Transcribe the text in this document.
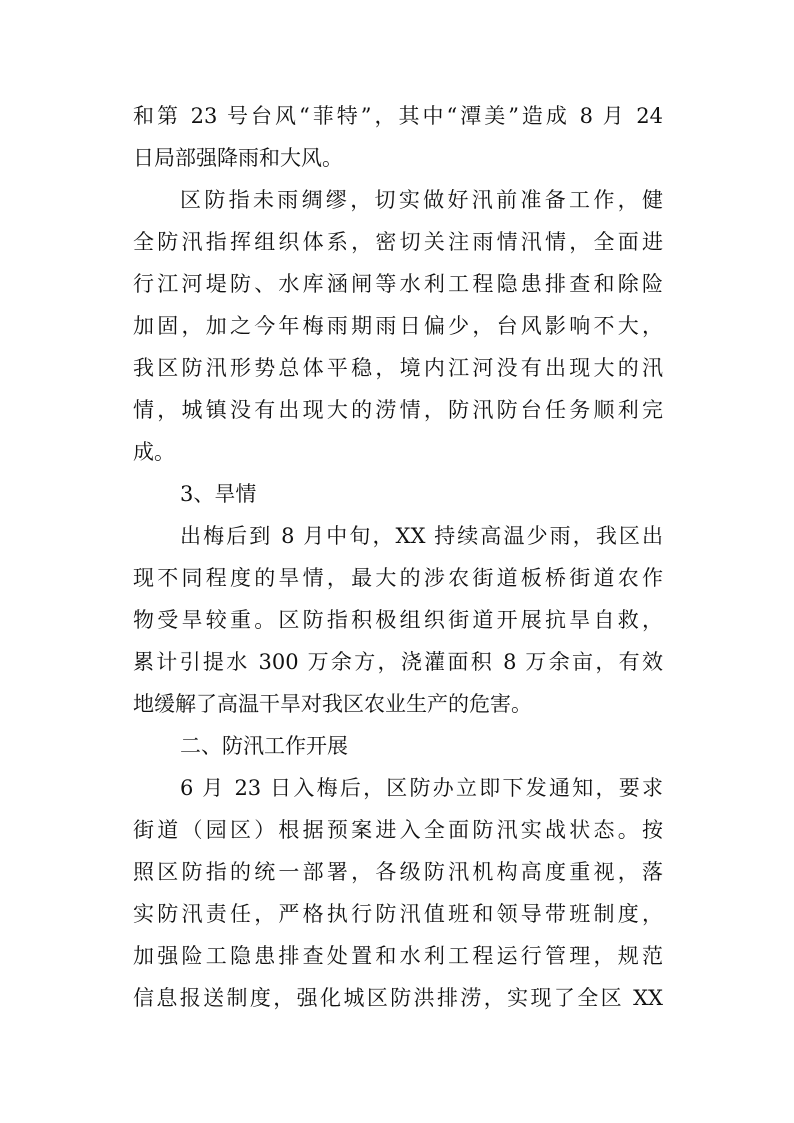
和第 23 号台风“菲特”，其中“潭美”造成 8 月 24
日局部强降雨和大风。
区防指未雨绸缪，切实做好汛前准备工作，健
全防汛指挥组织体系，密切关注雨情汛情，全面进
行江河堤防、水库涵闸等水利工程隐患排查和除险
加固，加之今年梅雨期雨日偏少，台风影响不大，
我区防汛形势总体平稳，境内江河没有出现大的汛
情，城镇没有出现大的涝情，防汛防台任务顺利完
成。
3、旱情
出梅后到 8 月中旬，XX 持续高温少雨，我区出
现不同程度的旱情，最大的涉农街道板桥街道农作
物受旱较重。区防指积极组织街道开展抗旱自救，
累计引提水 300 万余方，浇灌面积 8 万余亩，有效
地缓解了高温干旱对我区农业生产的危害。
二、防汛工作开展
6 月 23 日入梅后，区防办立即下发通知，要求
街道（园区）根据预案进入全面防汛实战状态。按
照区防指的统一部署，各级防汛机构高度重视，落
实防汛责任，严格执行防汛值班和领导带班制度，
加强险工隐患排查处置和水利工程运行管理，规范
信息报送制度，强化城区防洪排涝，实现了全区 XX
